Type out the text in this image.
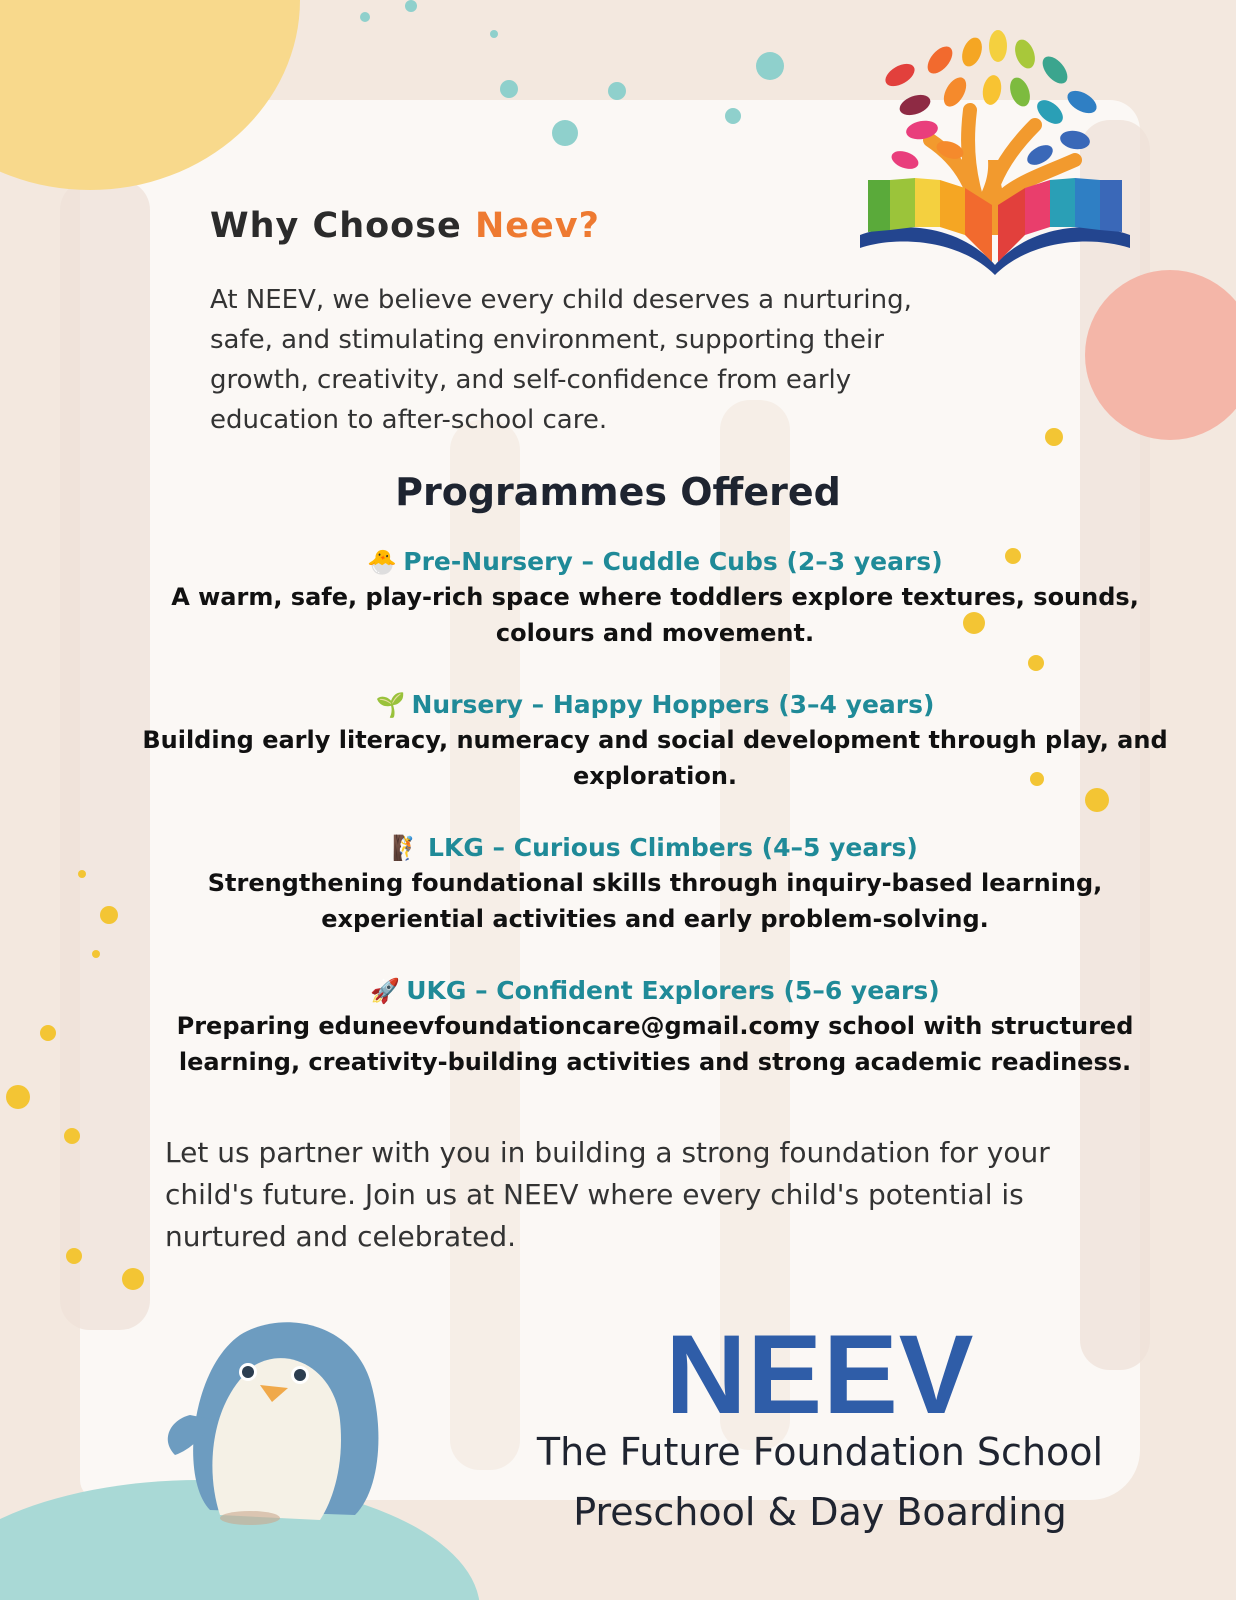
Why Choose Neev?
At NEEV, we believe every child deserves a nurturing, safe, and stimulating environment, supporting their growth, creativity, and self-confidence from early education to after-school care.
Programmes Offered
🐣 Pre-Nursery – Cuddle Cubs (2–3 years)
A warm, safe, play-rich space where toddlers explore textures, sounds, colours and movement.
🌱 Nursery – Happy Hoppers (3–4 years)
Building early literacy, numeracy and social development through play, and exploration.
🧗 LKG – Curious Climbers (4–5 years)
Strengthening foundational skills through inquiry-based learning, experiential activities and early problem-solving.
🚀 UKG – Confident Explorers (5–6 years)
Preparing eduneevfoundationcare@gmail.comy school with structured learning, creativity-building activities and strong academic readiness.
Let us partner with you in building a strong foundation for your child's future. Join us at NEEV where every child's potential is nurtured and celebrated.
NEEV
The Future Foundation School
Preschool & Day Boarding
